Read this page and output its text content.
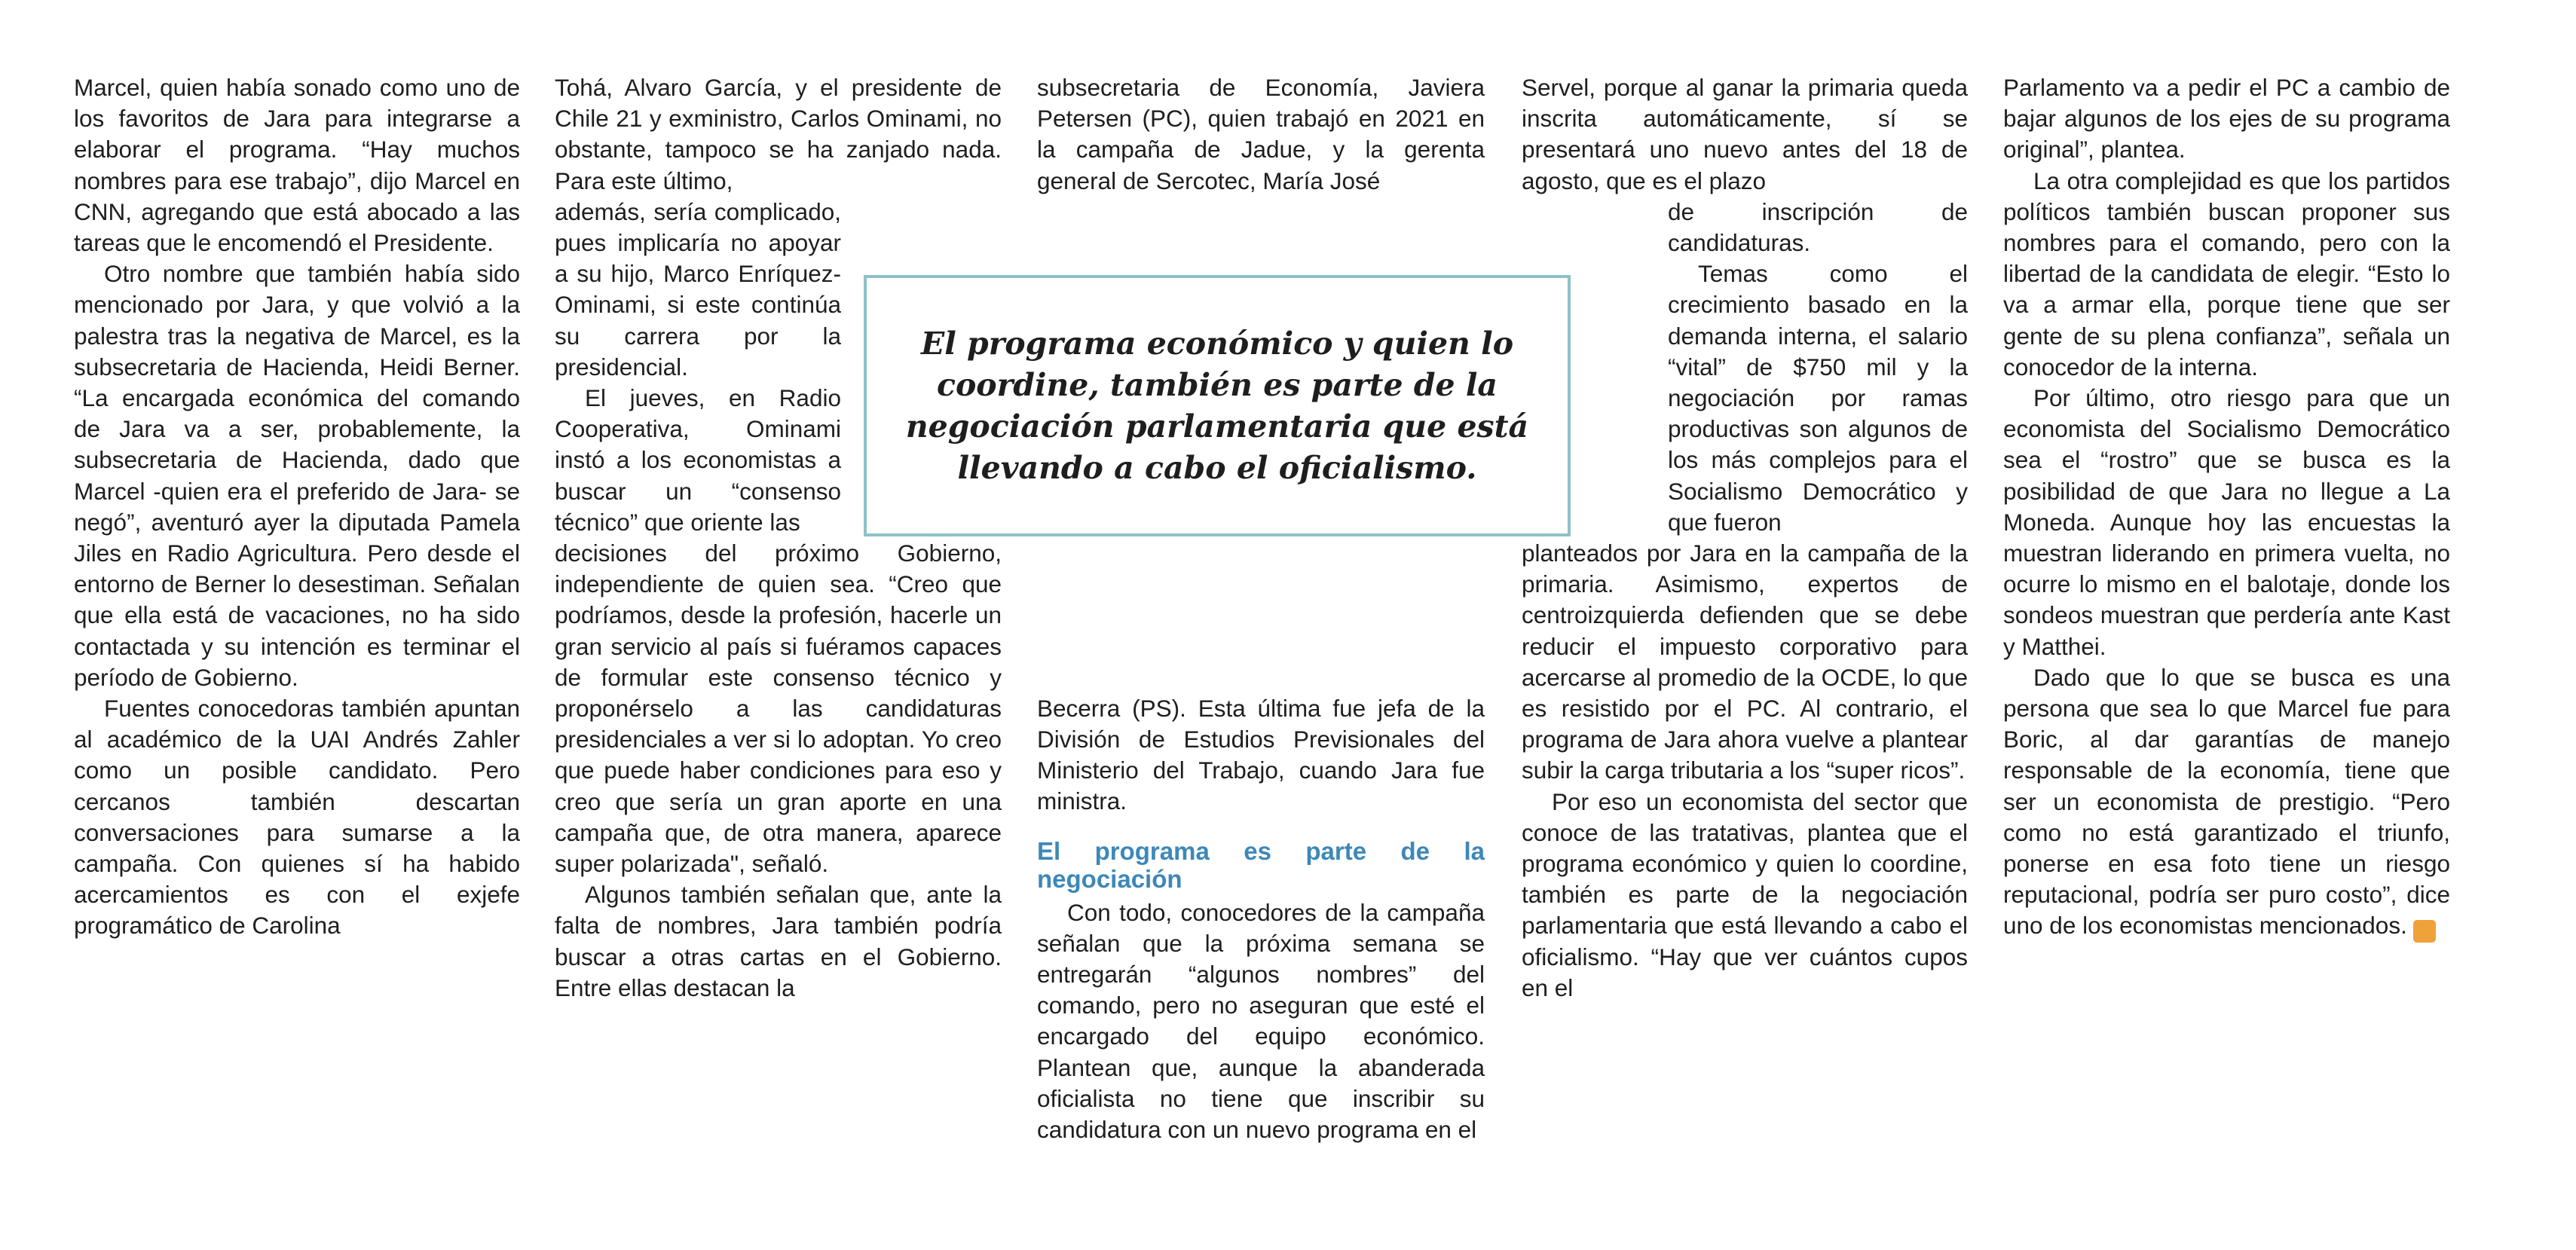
Marcel, quien había sonado como uno de los favoritos de Jara para integrarse a elaborar el programa. “Hay muchos nombres para ese trabajo”, dijo Marcel en CNN, agregando que está abocado a las tareas que le encomendó el Presidente.

Otro nombre que también había sido mencionado por Jara, y que volvió a la palestra tras la negativa de Marcel, es la subsecretaria de Hacienda, Heidi Berner. “La encargada económica del comando de Jara va a ser, probablemente, la subsecretaria de Hacienda, dado que Marcel -quien era el preferido de Jara- se negó”, aventuró ayer la diputada Pamela Jiles en Radio Agricultura. Pero desde el entorno de Berner lo desestiman. Señalan que ella está de vacaciones, no ha sido contactada y su intención es terminar el período de Gobierno.

Fuentes conocedoras también apuntan al académico de la UAI Andrés Zahler como un posible candidato. Pero cercanos también descartan conversaciones para sumarse a la campaña. Con quienes sí ha habido acercamientos es con el exjefe programático de Carolina

Tohá, Alvaro García, y el presidente de Chile 21 y exministro, Carlos Ominami, no obstante, tampoco se ha zanjado nada. Para este último,

además, sería complicado, pues implicaría no apoyar a su hijo, Marco Enríquez-Ominami, si este continúa su carrera por la presidencial.

El jueves, en Radio Cooperativa, Ominami instó a los economistas a buscar un “consenso técnico” que oriente las

decisiones del próximo Gobierno, independiente de quien sea. “Creo que podríamos, desde la profesión, hacerle un gran servicio al país si fuéramos capaces de formular este consenso técnico y proponérselo a las candidaturas presidenciales a ver si lo adoptan. Yo creo que puede haber condiciones para eso y creo que sería un gran aporte en una campaña que, de otra manera, aparece super polarizada", señaló.

Algunos también señalan que, ante la falta de nombres, Jara también podría buscar a otras cartas en el Gobierno. Entre ellas destacan la

subsecretaria de Economía, Javiera Petersen (PC), quien trabajó en 2021 en la campaña de Jadue, y la gerenta general de Sercotec, María José

Becerra (PS). Esta última fue jefa de la División de Estudios Previsionales del Ministerio del Trabajo, cuando Jara fue ministra.

El programa es parte de la negociación

Con todo, conocedores de la campaña señalan que la próxima semana se entregarán “algunos nombres” del comando, pero no aseguran que esté el encargado del equipo económico. Plantean que, aunque la abanderada oficialista no tiene que inscribir su candidatura con un nuevo programa en el

Servel, porque al ganar la primaria queda inscrita automáticamente, sí se presentará uno nuevo antes del 18 de agosto, que es el plazo

de inscripción de candidaturas.

Temas como el crecimiento basado en la demanda interna, el salario “vital” de $750 mil y la negociación por ramas productivas son algunos de los más complejos para el Socialismo Democrático y que fueron

planteados por Jara en la campaña de la primaria. Asimismo, expertos de centroizquierda defienden que se debe reducir el impuesto corporativo para acercarse al promedio de la OCDE, lo que es resistido por el PC. Al contrario, el programa de Jara ahora vuelve a plantear subir la carga tributaria a los “super ricos”.

Por eso un economista del sector que conoce de las tratativas, plantea que el programa económico y quien lo coordine, también es parte de la negociación parlamentaria que está llevando a cabo el oficialismo. “Hay que ver cuántos cupos en el

Parlamento va a pedir el PC a cambio de bajar algunos de los ejes de su programa original”, plantea.

La otra complejidad es que los partidos políticos también buscan proponer sus nombres para el comando, pero con la libertad de la candidata de elegir. “Esto lo va a armar ella, porque tiene que ser gente de su plena confianza”, señala un conocedor de la interna.

Por último, otro riesgo para que un economista del Socialismo Democrático sea el “rostro” que se busca es la posibilidad de que Jara no llegue a La Moneda. Aunque hoy las encuestas la muestran liderando en primera vuelta, no ocurre lo mismo en el balotaje, donde los sondeos muestran que perdería ante Kast y Matthei.

Dado que lo que se busca es una persona que sea lo que Marcel fue para Boric, al dar garantías de manejo responsable de la economía, tiene que ser un economista de prestigio. “Pero como no está garantizado el triunfo, ponerse en esa foto tiene un riesgo reputacional, podría ser puro costo”, dice uno de los economistas mencionados. S

El programa económico y quien lo coordine, también es parte de la negociación parlamentaria que está llevando a cabo el oficialismo.
